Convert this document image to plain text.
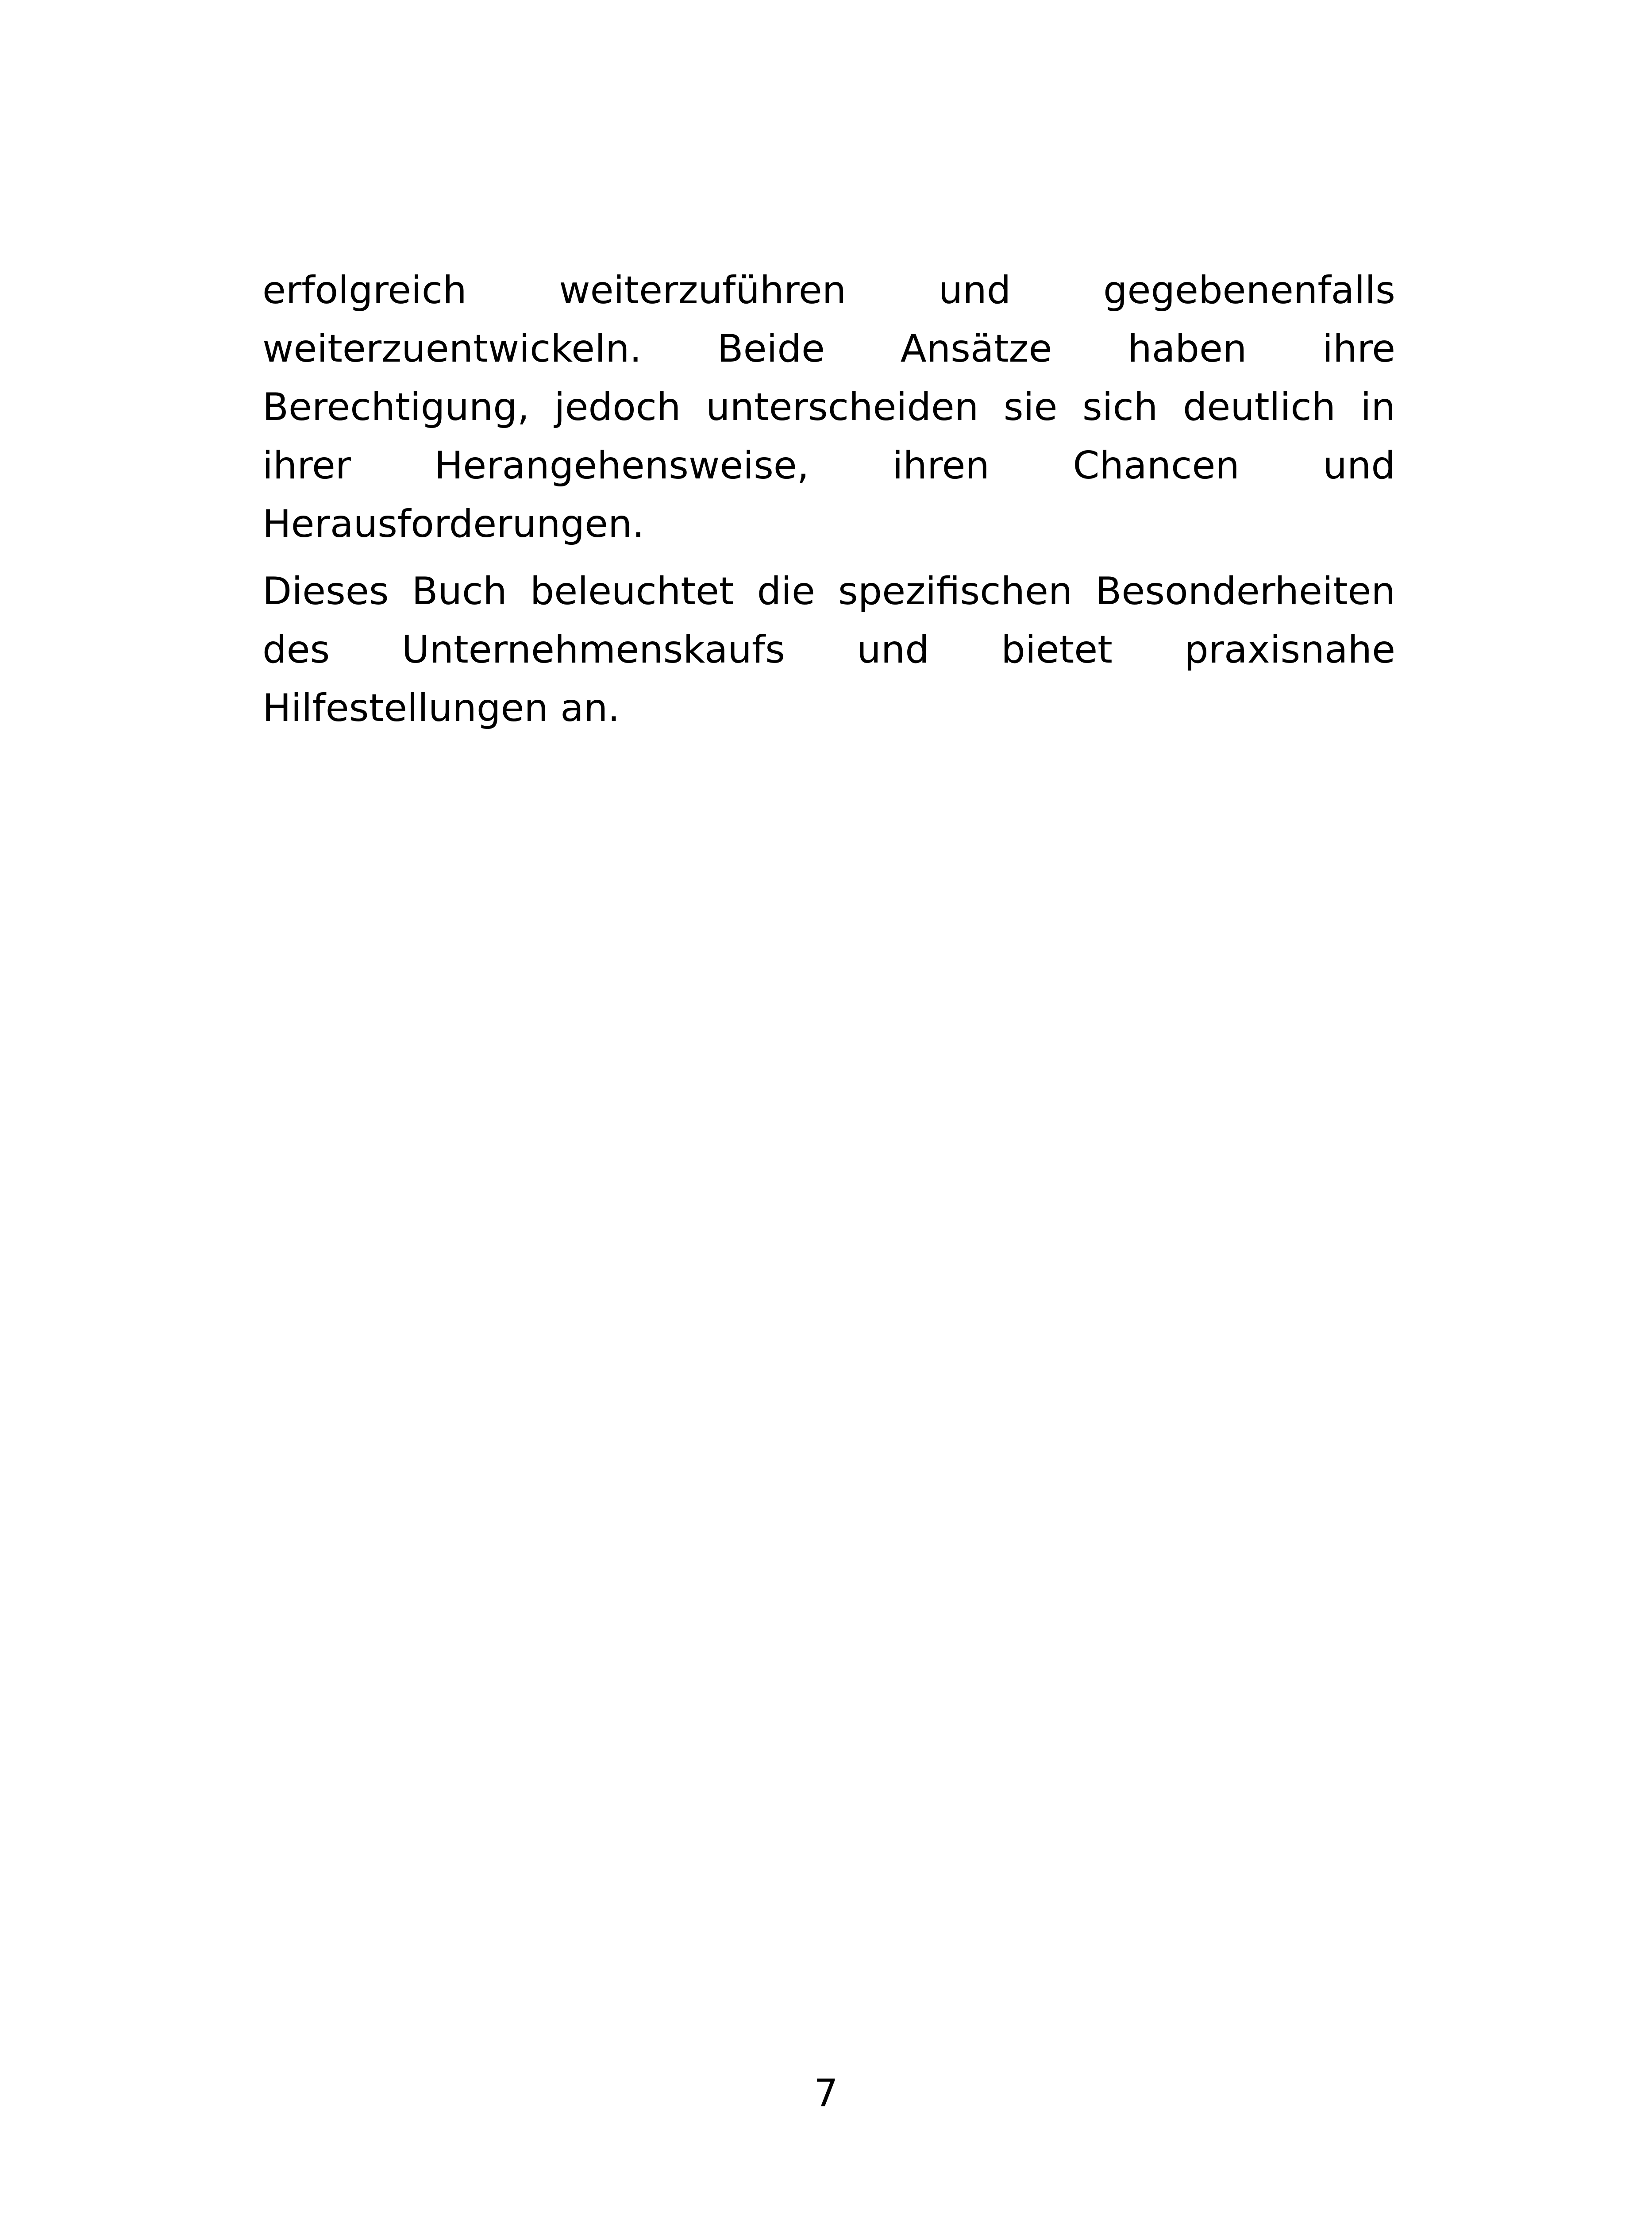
erfolgreich weiterzuführen und gegebenenfalls
weiterzuentwickeln. Beide Ansätze haben ihre
Berechtigung, jedoch unterscheiden sie sich deutlich in
ihrer Herangehensweise, ihren Chancen und
Herausforderungen.
Dieses Buch beleuchtet die spezifischen Besonderheiten
des Unternehmenskaufs und bietet praxisnahe
Hilfestellungen an.
7
